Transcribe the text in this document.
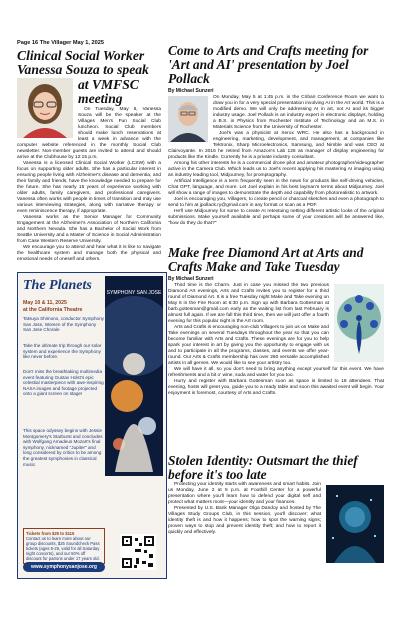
Page 16 The Villager May 1, 2025
Clinical Social Worker Vanessa Souza to speak
at VMFSC
meeting

On Tuesday, May 6, Vanessa Souza will be the speaker at the Villages Men's Fun Social Club luncheon. Social Club members should make lunch reservations at least a week in advance with the computer website referenced in the monthly Social Club newsletter. Non-member guests are invited to attend and should arrive at the Clubhouse by 12:15 p.m.

Vanessa is a licensed Clinical Social Worker (LCSW) with a focus on supporting older adults. She has a particular interest in ensuring people living with Alzheimer's disease and dementia, and their family and friends, have the knowledge needed to prepare for the future. She has nearly 15 years of experience working with older adults, family caregivers, and professional caregivers. Vanessa often works with people in times of transition and may use various interviewing strategies, along with narrative therapy or even reminiscence therapy, if appropriate.

Vanessa works as the Senior Manager for Community Engagement at the Alzheimer's Association of Northern California and Northern Nevada. She has a Bachelor of Social Work from Seattle University and a Master of Science in Social Administration from Case Western Reserve University.

We encourage you to attend and hear what it is like to navigate the healthcare system and manage both the physical and emotional needs of oneself and others.

The Planets
May 10 & 11, 2025
at the California Theatre
Tatsuya Shimono, conductor Symphony San Jose, Women of the Symphony San Jose Chorale
Take the ultimate trip through our solar system and experience the Symphony like never before.
Don't miss the breathtaking multimedia event featuring Gustav Holst's epic celestial masterpiece with awe-inspiring NASA images and footage projected onto a giant screen on stage!
This space odyssey begins with Jessie Montgomery's Starburst and concludes with Wolfgang Amadeus Mozart's final symphony, nicknamed "Jupiter" and long considered by critics to be among the greatest symphonies in classical music.
SYMPHONY SAN JOSE
Tickets from $25 to $115
Contact us to learn more about our group discounts, $25 Soundcheck Pass tickets (ages 5-25, valid for all Saturday night concerts), and our 50% off discount for patrons under 17 years old.
www.symphonysanjose.org
Come to Arts and Crafts meeting for 'Art and AI' presentation by Joel Pollack
By Michael Sunzeri

On Monday, May 5 at 1:45 p.m. in the Cribari Conference Room we want to draw you in for a very special presentation involving AI in the Art world. This is a modified demo. We will only be addressing AI in art, not AI and its bigger industry usage. Joel Pollack is an industry expert in electronic displays, holding a B.S. in Physics from Rochester Institute of Technology and an M.S. in Materials Science from the University of Rochester.

Joel's was a physicist at Xerox WRC. He also has a background in engineering, marketing, development, and management, at companies like Tektronix, Sharp Microelectronics, Samsung, and Nimble and was CEO at Clairvoyante. In 2016 he retired from Amazon's Lab 126 as manager of display engineering for products like the Kindle. Currently he is a private industry consultant.

Among his other interests he is a commercial drone pilot and amateur photographer/videographer active in the Camera Club. Which leads us to Joel's recent applying his mastering AI imaging using an industry leading tool, Midjourney, for promptography.

Artificial Intelligence is a term frequently seen in the news for products like self-driving vehicles, Chat GPT, language, and more. Let Joel explain in his best layman's terms about Midjourney. Joel will show a range of images to demonstrate the depth and capability from photorealistic to artwork.

Joel is encouraging you, Villagers, to create pencil or charcoal sketches and even a photograph to send to him at jpollack.ry@gmail.com in any format or scan as a PDF.

He'll use Midjourney for some to create AI retextuing netting different artistic looks of the original submissions. Make yourself available and perhaps some of your creations will be answered like, "how do they do that?"

Make free Diamond Art at Arts and Crafts Make and Take Tuesday
By Michael Sunzeri

Third time is the Charm. Just in case you missed the two previous Diamond Art evenings, Arts and Crafts invites you to register for a third round of Diamond Art. It is a free Tuesday night Make and Take evening on May 6 in the Fire Room at 6:30 p.m. Sign up with Barbara Gottesman at barb.gottesman@gmail.com early as the waiting list from last February is almost full again. If we are full this third time, then we will just offer a fourth evening for this popular night in the Art room.

Arts and Crafts is encouraging non-club Villagers to join us on Make and Take evenings on several Tuesdays throughout the year so that you can become familiar with Arts and Crafts. These evenings are for you to help spark your interest in art by giving you the opportunity to engage with us and to participate in all the programs, classes, and events we offer year-round. Our Arts & Crafts membership has over 260 versatile accomplished artists in all genres. We would like to see your artistry too.

We will have it all, so you don't need to bring anything except yourself for this event. We have refreshments and a bit o' wine, soda and water for you too.

Hurry and register with Barbara Gottesman soon as space is limited to 18 attendees. That evening, hosts will greet you, guide you to a ready table and soon this awaited event will begin. Your enjoyment is foremost, courtesy of Arts and Crafts.

Stolen Identity: Outsmart the thief before it's too late

Protecting your identity starts with awareness and smart habits. Join us Monday, June 2 at 5 p.m. at Foothill Center for a powerful presentation where you'll learn how to defend your digital self and protect what matters most—your identity and your finances.

Presented by U.S. Bank Manager Olga Dandoy and hosted by The Villages Study Groups Club, in this session, you'll discover: what identity theft is and how it happens; how to spot the warning signs; proven ways to stop and prevent identity theft; and how to report it quickly and effectively.
